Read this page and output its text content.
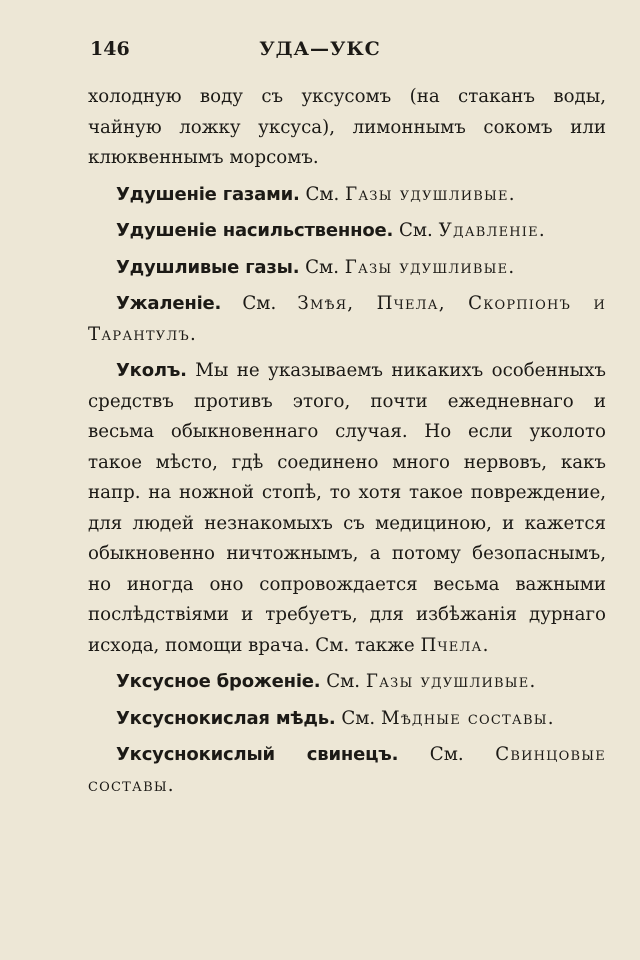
146	УДА—УКС

холодную воду съ уксусомъ (на стаканъ воды, чайную ложку уксуса), лимоннымъ сокомъ или клюквеннымъ морсомъ.

Удушеніе газами. См. Газы удушливые.

Удушеніе насильственное. См. Удавленіе.

Удушливые газы. См. Газы удушливые.

Ужаленіе. См. Змѣя, Пчела, Скорпіонъ и Тарантулъ.

Уколъ. Мы не указываемъ никакихъ особенныхъ средствъ противъ этого, почти ежедневнаго и весьма обыкновеннаго случая. Но если уколото такое мѣсто, гдѣ соединено много нервовъ, какъ напр. на ножной стопѣ, то хотя такое повреждение, для людей незнакомыхъ съ медициною, и кажется обыкновенно ничтожнымъ, а потому безопаснымъ, но иногда оно сопровождается весьма важными послѣдствіями и требуетъ, для избѣжанія дурнаго исхода, помощи врача. См. также Пчела.

Уксусное броженіе. См. Газы удушливые.

Уксуснокислая мѣдь. См. Мѣдные составы.

Уксуснокислый свинецъ. См. Свинцовые составы.
